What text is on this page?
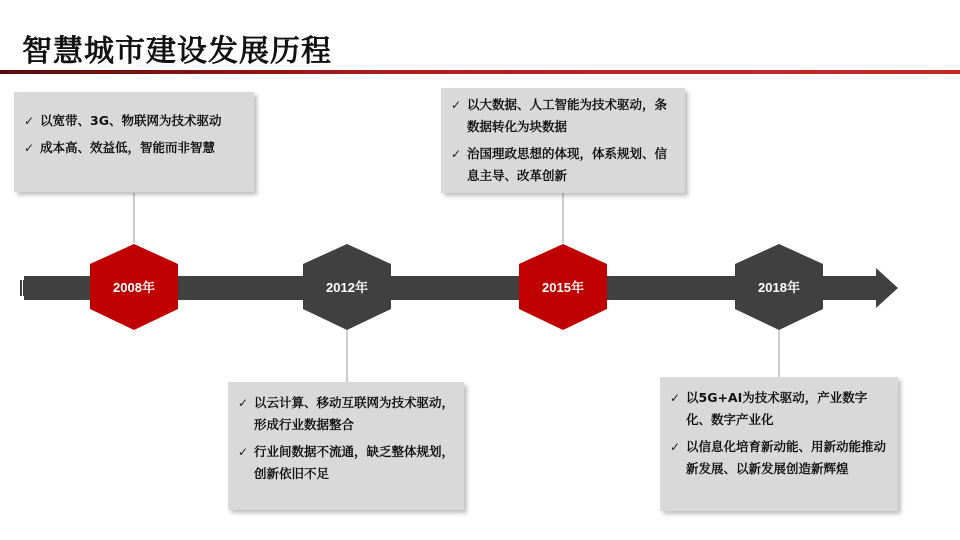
智慧城市建设发展历程
2008年	2012年	2015年	2018年
✓ 以宽带、3G、物联网为技术驱动
✓ 成本高、效益低，智能而非智慧
✓ 以云计算、移动互联网为技术驱动，形成行业数据整合
✓ 行业间数据不流通，缺乏整体规划，创新依旧不足
✓ 以大数据、人工智能为技术驱动，条数据转化为块数据
✓ 治国理政思想的体现，体系规划、信息主导、改革创新
✓ 以5G+AI为技术驱动，产业数字化、数字产业化
✓ 以信息化培育新动能、用新动能推动新发展、以新发展创造新辉煌
